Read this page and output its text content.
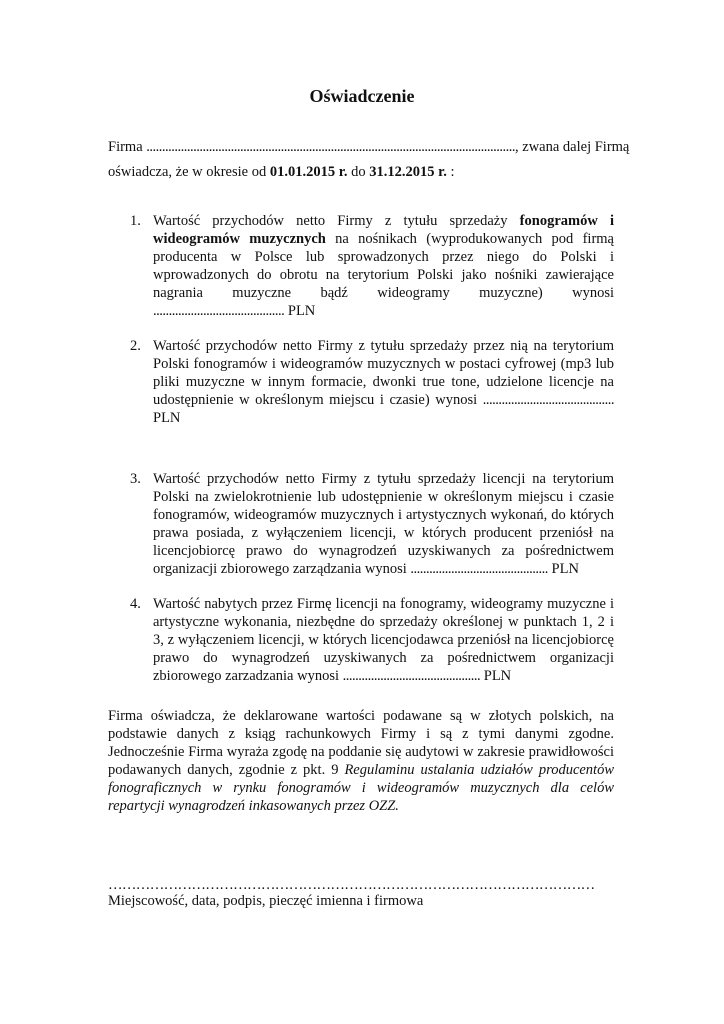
Oświadczenie
Firma ......................................................................................................................, zwana dalej Firmą
oświadcza, że w okresie od 01.01.2015 r. do 31.12.2015 r. :
1. Wartość przychodów netto Firmy z tytułu sprzedaży fonogramów i wideogramów muzycznych na nośnikach (wyprodukowanych pod firmą producenta w Polsce lub sprowadzonych przez niego do Polski i wprowadzonych do obrotu na terytorium Polski jako nośniki zawierające nagrania muzyczne bądź wideogramy muzyczne) wynosi .......................................... PLN

2. Wartość przychodów netto Firmy z tytułu sprzedaży przez nią na terytorium Polski fonogramów i wideogramów muzycznych w postaci cyfrowej (mp3 lub pliki muzyczne w innym formacie, dwonki true tone, udzielone licencje na udostępnienie w określonym miejscu i czasie) wynosi .......................................... PLN

3. Wartość przychodów netto Firmy z tytułu sprzedaży licencji na terytorium Polski na zwielokrotnienie lub udostępnienie w określonym miejscu i czasie fonogramów, wideogramów muzycznych i artystycznych wykonań, do których prawa posiada, z wyłączeniem licencji, w których producent przeniósł na licencjobiorcę prawo do wynagrodzeń uzyskiwanych za pośrednictwem organizacji zbiorowego zarządzania wynosi ............................................ PLN

4. Wartość nabytych przez Firmę licencji na fonogramy, wideogramy muzyczne i artystyczne wykonania, niezbędne do sprzedaży określonej w punktach 1, 2 i 3, z wyłączeniem licencji, w których licencjodawca przeniósł na licencjobiorcę prawo do wynagrodzeń uzyskiwanych za pośrednictwem organizacji zbiorowego zarzadzania wynosi ............................................ PLN

Firma oświadcza, że deklarowane wartości podawane są w złotych polskich, na podstawie danych z ksiąg rachunkowych Firmy i są z tymi danymi zgodne. Jednocześnie Firma wyraża zgodę na poddanie się audytowi w zakresie prawidłowości podawanych danych, zgodnie z pkt. 9 Regulaminu ustalania udziałów producentów fonograficznych w rynku fonogramów i wideogramów muzycznych dla celów repartycji wynagrodzeń inkasowanych przez OZZ.

……………………………………………………………………………………………
Miejscowość, data, podpis, pieczęć imienna i firmowa
